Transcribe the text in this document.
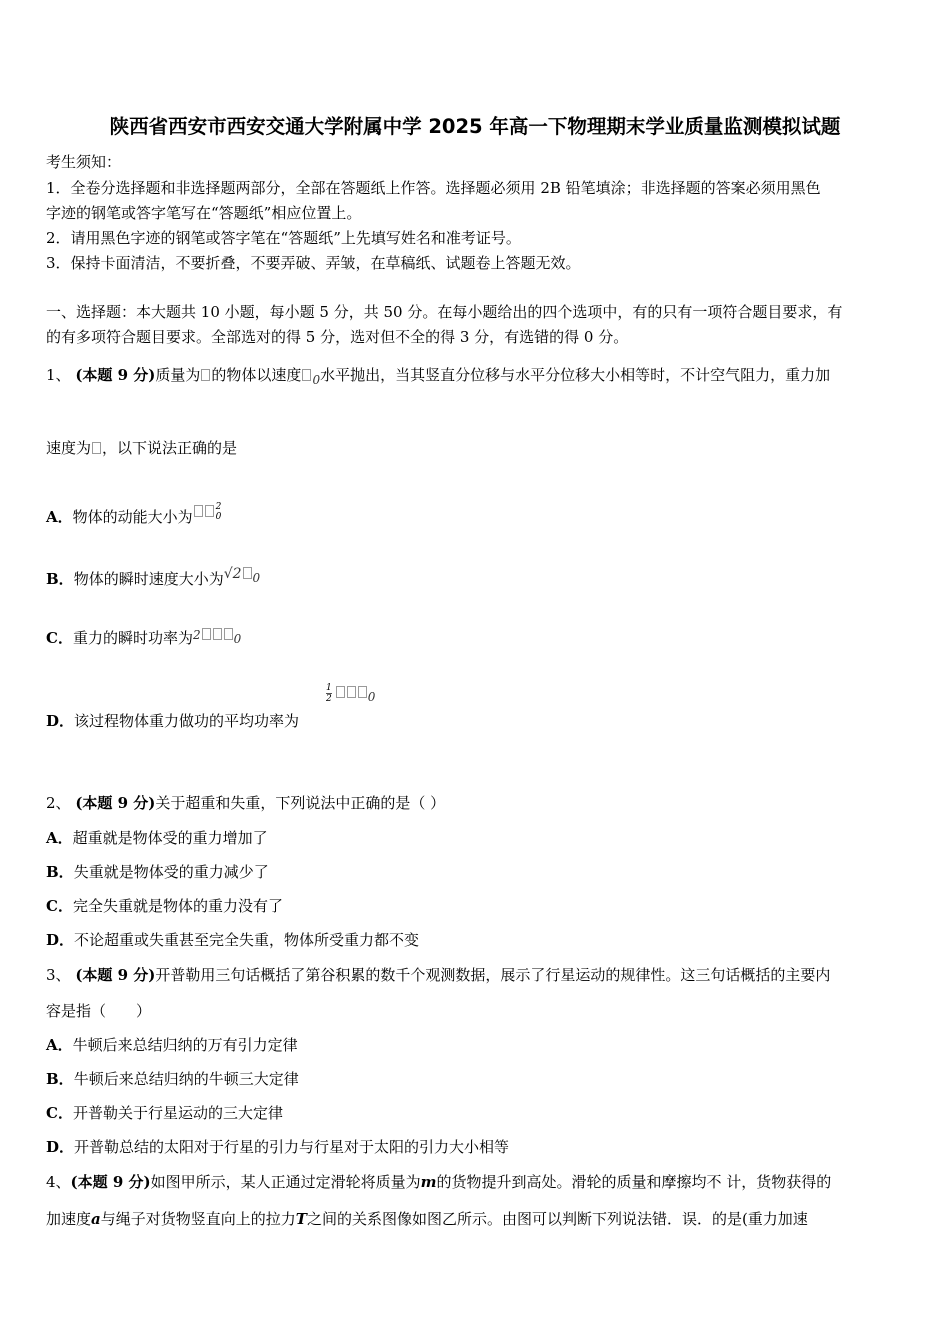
陕西省西安市西安交通大学附属中学 2025 年高一下物理期末学业质量监测模拟试题
考生须知：
1．全卷分选择题和非选择题两部分，全部在答题纸上作答。选择题必须用 2B 铅笔填涂；非选择题的答案必须用黑色
字迹的钢笔或答字笔写在“答题纸”相应位置上。
2．请用黑色字迹的钢笔或答字笔在“答题纸”上先填写姓名和准考证号。
3．保持卡面清洁，不要折叠，不要弄破、弄皱，在草稿纸、试题卷上答题无效。
一、选择题：本大题共 10 小题，每小题 5 分，共 50 分。在每小题给出的四个选项中，有的只有一项符合题目要求，有
的有多项符合题目要求。全部选对的得 5 分，选对但不全的得 3 分，有选错的得 0 分。
1、 (本题 9 分)质量为 的物体以速度 $_0$水平抛出，当其竖直分位移与水平分位移大小相等时，不计空气阻力，重力加
速度为 ，以下说法正确的是
A．物体的动能大小为
2
0
B．物体的瞬时速度大小为√2 $_0$
C．重力的瞬时功率为2	$_0$
$\frac{1}{2}$	$_0$
D．该过程物体重力做功的平均功率为
2、 (本题 9 分)关于超重和失重，下列说法中正确的是（ ）
A．超重就是物体受的重力增加了
B．失重就是物体受的重力减少了
C．完全失重就是物体的重力没有了
D．不论超重或失重甚至完全失重，物体所受重力都不变
3、 (本题 9 分)开普勒用三句话概括了第谷积累的数千个观测数据，展示了行星运动的规律性。这三句话概括的主要内
容是指（　　）
A．牛顿后来总结归纳的万有引力定律
B．牛顿后来总结归纳的牛顿三大定律
C．开普勒关于行星运动的三大定律
D．开普勒总结的太阳对于行星的引力与行星对于太阳的引力大小相等
4、(本题 9 分)如图甲所示，某人正通过定滑轮将质量为m的货物提升到高处。滑轮的质量和摩擦均不 计，货物获得的
加速度a与绳子对货物竖直向上的拉力T之间的关系图像如图乙所示。由图可以判断下列说法错．误．的是(重力加速
